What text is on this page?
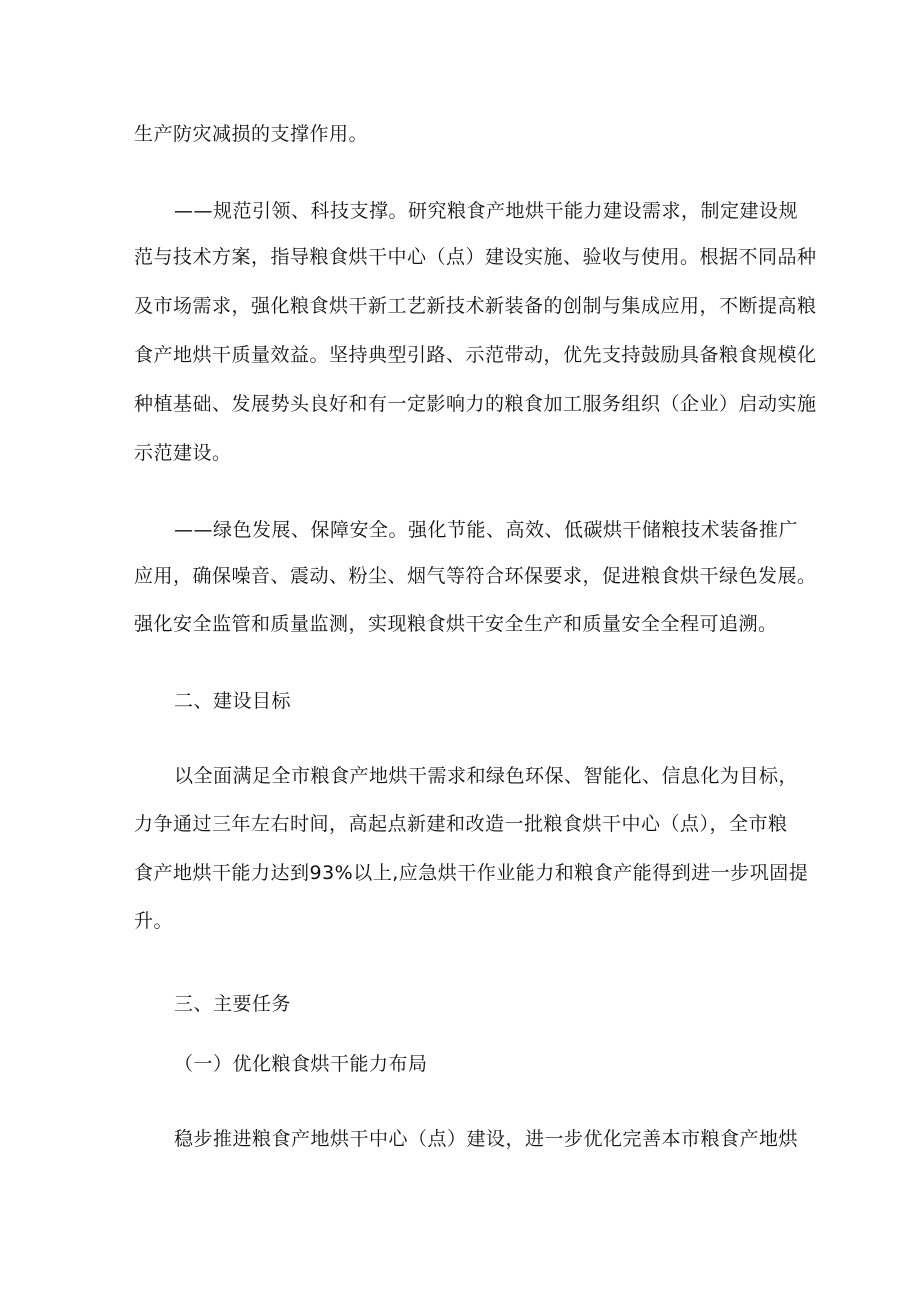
生产防灾减损的支撑作用。
——规范引领、科技支撑。研究粮食产地烘干能力建设需求，制定建设规
范与技术方案，指导粮食烘干中心（点）建设实施、验收与使用。根据不同品种
及市场需求，强化粮食烘干新工艺新技术新装备的创制与集成应用，不断提高粮
食产地烘干质量效益。坚持典型引路、示范带动，优先支持鼓励具备粮食规模化
种植基础、发展势头良好和有一定影响力的粮食加工服务组织（企业）启动实施
示范建设。
——绿色发展、保障安全。强化节能、高效、低碳烘干储粮技术装备推广
应用，确保噪音、震动、粉尘、烟气等符合环保要求，促进粮食烘干绿色发展。
强化安全监管和质量监测，实现粮食烘干安全生产和质量安全全程可追溯。
二、建设目标
以全面满足全市粮食产地烘干需求和绿色环保、智能化、信息化为目标，
力争通过三年左右时间，高起点新建和改造一批粮食烘干中心（点），全市粮
食产地烘干能力达到93%以上,应急烘干作业能力和粮食产能得到进一步巩固提
升。
三、主要任务
（一）优化粮食烘干能力布局
稳步推进粮食产地烘干中心（点）建设，进一步优化完善本市粮食产地烘
